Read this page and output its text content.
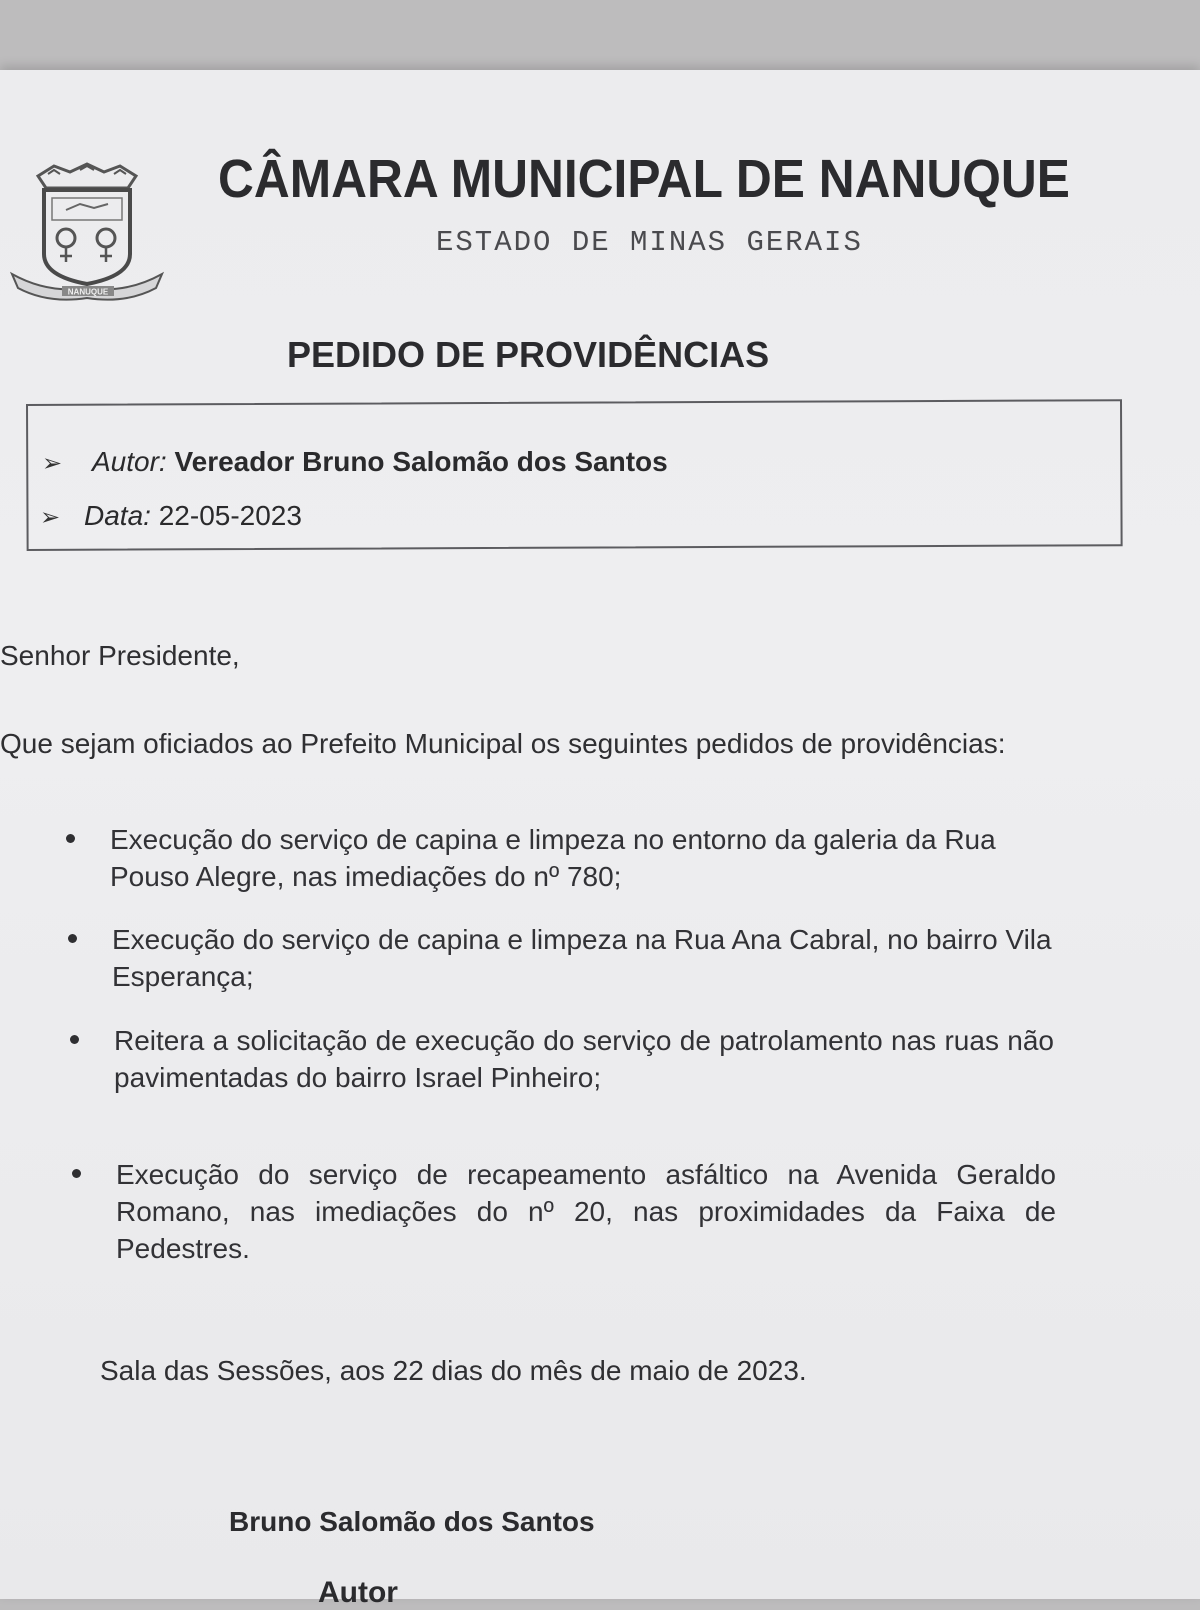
NANUQUE
CÂMARA MUNICIPAL DE NANUQUE
ESTADO DE MINAS GERAIS
PEDIDO DE PROVIDÊNCIAS
➢ Autor: Vereador Bruno Salomão dos Santos
➢ Data: 22-05-2023
Senhor Presidente,
Que sejam oficiados ao Prefeito Municipal os seguintes pedidos de providências:
Execução do serviço de capina e limpeza no entorno da galeria da Rua Pouso Alegre, nas imediações do nº 780;
Execução do serviço de capina e limpeza na Rua Ana Cabral, no bairro Vila Esperança;
Reitera a solicitação de execução do serviço de patrolamento nas ruas não pavimentadas do bairro Israel Pinheiro;
Execução do serviço de recapeamento asfáltico na Avenida Geraldo Romano, nas imediações do nº 20, nas proximidades da Faixa de Pedestres.
Sala das Sessões, aos 22 dias do mês de maio de 2023.
Bruno Salomão dos Santos
Autor
